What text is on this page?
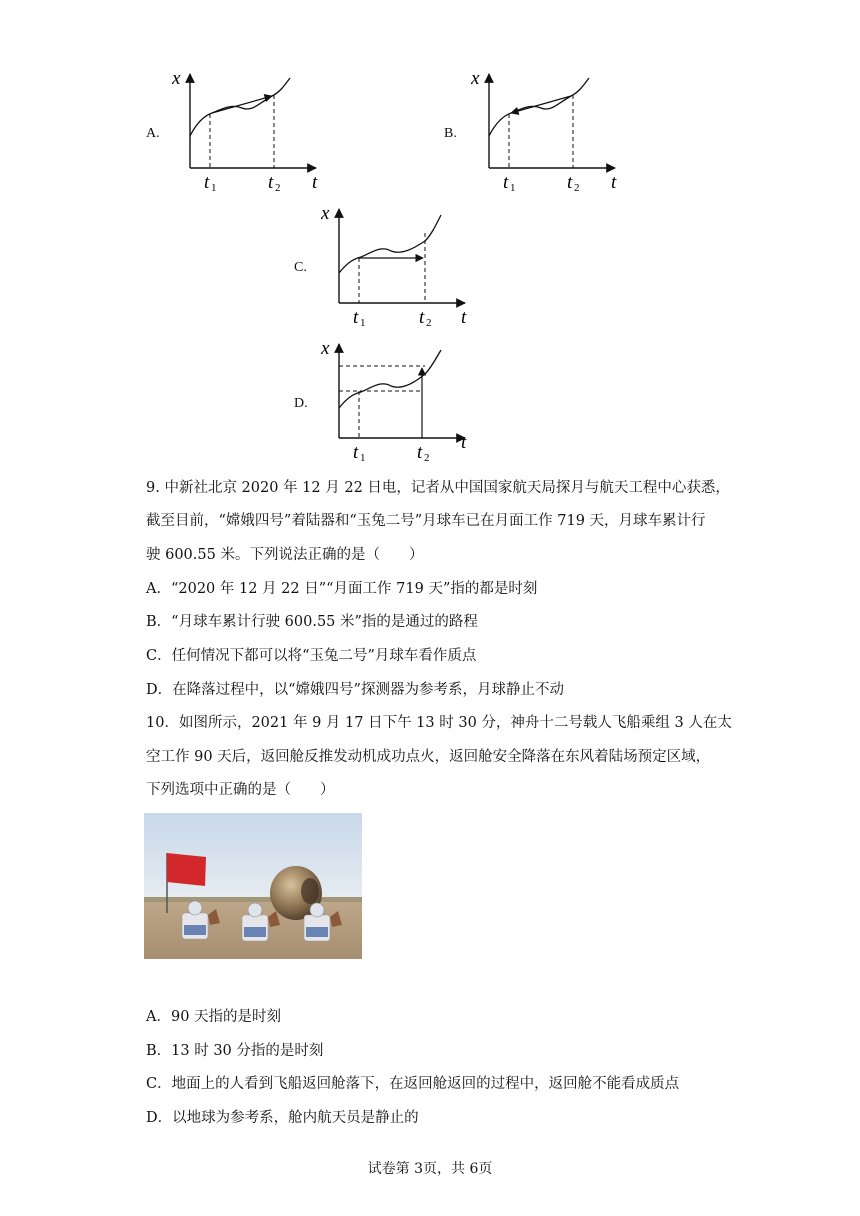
A.
x
t
t 1	t 2
B.
x
t
t 1	t 2
C.
x
t
t 1	t 2
D.
x
t
t 1	t 2
9. 中新社北京 2020 年 12 月 22 日电，记者从中国国家航天局探月与航天工程中心获悉，
截至目前，“嫦娥四号”着陆器和“玉兔二号”月球车已在月面工作 719 天，月球车累计行
驶 600.55 米。下列说法正确的是（　　）
A．“2020 年 12 月 22 日”“月面工作 719 天”指的都是时刻
B．“月球车累计行驶 600.55 米”指的是通过的路程
C．任何情况下都可以将“玉兔二号”月球车看作质点
D．在降落过程中，以“嫦娥四号”探测器为参考系，月球静止不动
10．如图所示，2021 年 9 月 17 日下午 13 时 30 分，神舟十二号载人飞船乘组 3 人在太
空工作 90 天后，返回舱反推发动机成功点火，返回舱安全降落在东风着陆场预定区域，
下列选项中正确的是（　　）
A．90 天指的是时刻
B．13 时 30 分指的是时刻
C．地面上的人看到飞船返回舱落下，在返回舱返回的过程中，返回舱不能看成质点
D．以地球为参考系，舱内航天员是静止的
试卷第 3页，共 6页
